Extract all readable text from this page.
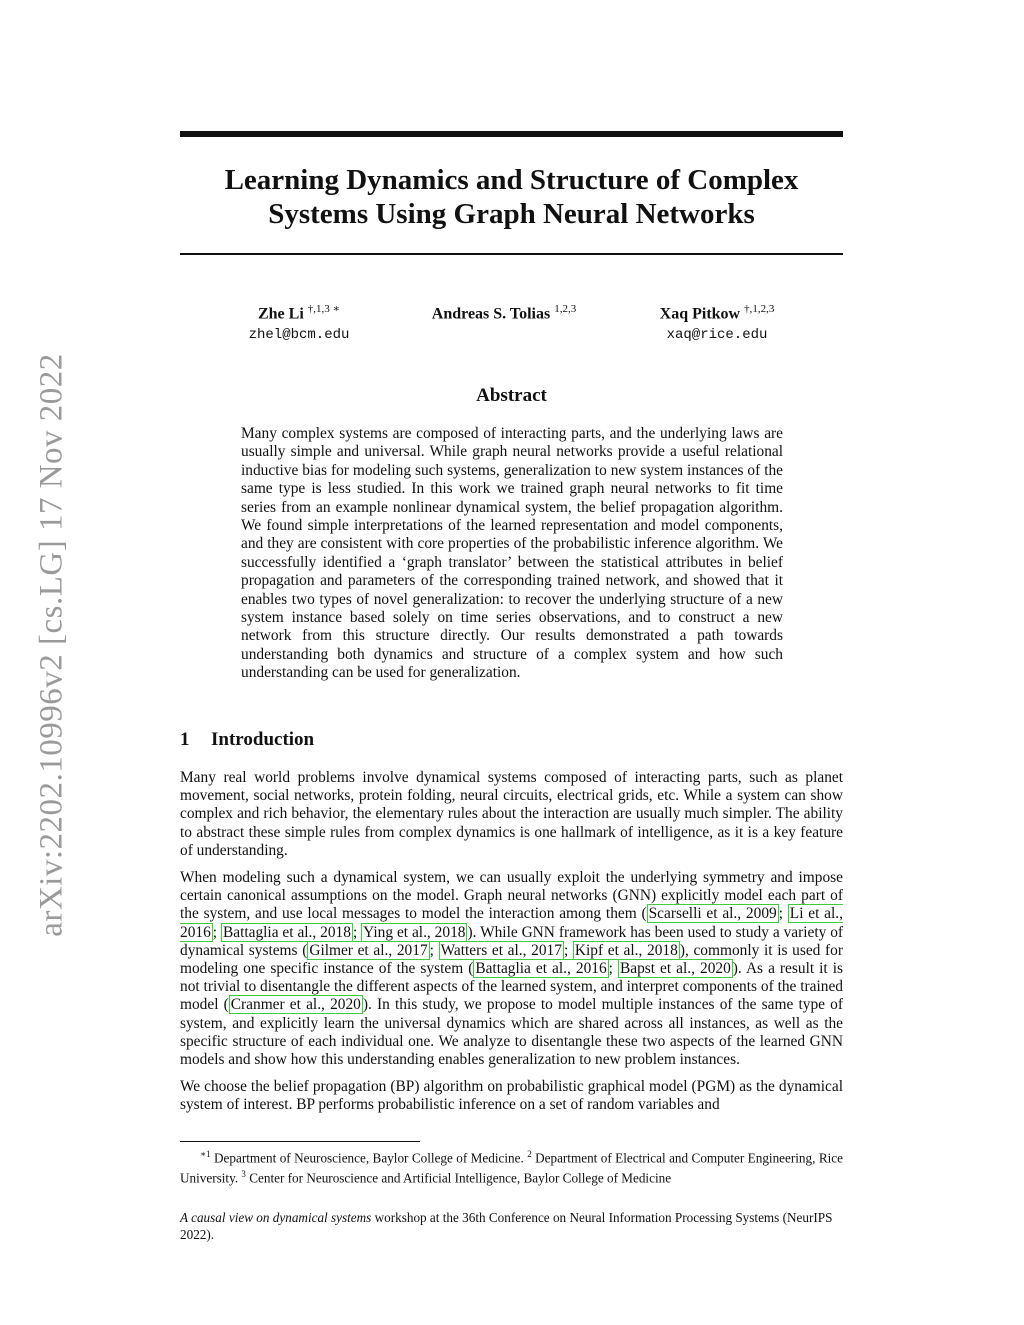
arXiv:2202.10996v2 [cs.LG] 17 Nov 2022
Learning Dynamics and Structure of Complex
Systems Using Graph Neural Networks
Zhe Li $^{\dagger,1,3 ∗}$
zhel@bcm.edu
Andreas S. Tolias $^{1,2,3}$	Xaq Pitkow $^{\dagger,1,2,3}$
xaq@rice.edu
Abstract

Many complex systems are composed of interacting parts, and the underlying laws are usually simple and universal. While graph neural networks provide a useful relational inductive bias for modeling such systems, generalization to new system instances of the same type is less studied. In this work we trained graph neural networks to fit time series from an example nonlinear dynamical system, the belief propagation algorithm. We found simple interpretations of the learned representation and model components, and they are consistent with core properties of the probabilistic inference algorithm. We successfully identified a ‘graph translator’ between the statistical attributes in belief propagation and parameters of the corresponding trained network, and showed that it enables two types of novel generalization: to recover the underlying structure of a new system instance based solely on time series observations, and to construct a new network from this structure directly. Our results demonstrated a path towards understanding both dynamics and structure of a complex system and how such understanding can be used for generalization.

1 Introduction

Many real world problems involve dynamical systems composed of interacting parts, such as planet movement, social networks, protein folding, neural circuits, electrical grids, etc. While a system can show complex and rich behavior, the elementary rules about the interaction are usually much simpler. The ability to abstract these simple rules from complex dynamics is one hallmark of intelligence, as it is a key feature of understanding.

When modeling such a dynamical system, we can usually exploit the underlying symmetry and impose certain canonical assumptions on the model. Graph neural networks (GNN) explicitly model each part of the system, and use local messages to model the interaction among them ( Scarselli et al., 2009 ; Li et al., 2016 ; Battaglia et al., 2018 ; Ying et al., 2018 ). While GNN framework has been used to study a variety of dynamical systems ( Gilmer et al., 2017 ; Watters et al., 2017 ; Kipf et al., 2018 ), commonly it is used for modeling one specific instance of the system ( Battaglia et al., 2016 ; Bapst et al., 2020 ). As a result it is not trivial to disentangle the different aspects of the learned system, and interpret components of the trained model ( Cranmer et al., 2020 ). In this study, we propose to model multiple instances of the same type of system, and explicitly learn the universal dynamics which are shared across all instances, as well as the specific structure of each individual one. We analyze to disentangle these two aspects of the learned GNN models and show how this understanding enables generalization to new problem instances.

We choose the belief propagation (BP) algorithm on probabilistic graphical model (PGM) as the dynamical system of interest. BP performs probabilistic inference on a set of random variables and

$^{∗1}$ Department of Neuroscience, Baylor College of Medicine. $^2$ Department of Electrical and Computer Engineering, Rice University. $^3$ Center for Neuroscience and Artificial Intelligence, Baylor College of Medicine

A causal view on dynamical systems workshop at the 36th Conference on Neural Information Processing Systems (NeurIPS 2022).
